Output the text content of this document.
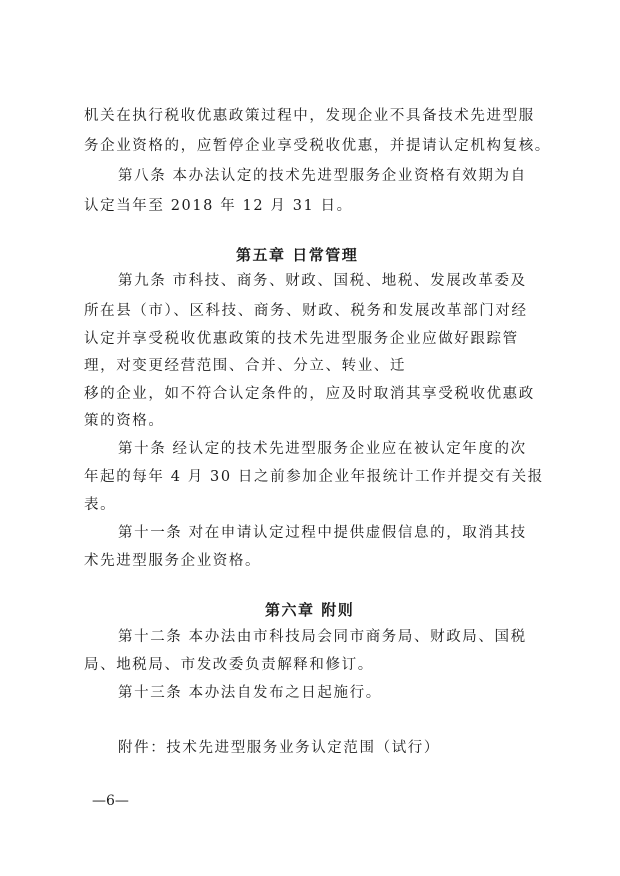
机关在执行税收优惠政策过程中，发现企业不具备技术先进型服
务企业资格的，应暂停企业享受税收优惠，并提请认定机构复核。
第八条 本办法认定的技术先进型服务企业资格有效期为自
认定当年至 2018 年 12 月 31 日。
第五章 日常管理
第九条 市科技、商务、财政、国税、地税、发展改革委及
所在县（市）、区科技、商务、财政、税务和发展改革部门对经
认定并享受税收优惠政策的技术先进型服务企业应做好跟踪管
理，对变更经营范围、合并、分立、转业、迁
移的企业，如不符合认定条件的，应及时取消其享受税收优惠政
策的资格。
第十条 经认定的技术先进型服务企业应在被认定年度的次
年起的每年 4 月 30 日之前参加企业年报统计工作并提交有关报
表。
第十一条 对在申请认定过程中提供虚假信息的，取消其技
术先进型服务企业资格。
第六章 附则
第十二条 本办法由市科技局会同市商务局、财政局、国税
局、地税局、市发改委负责解释和修订。
第十三条 本办法自发布之日起施行。
附件：技术先进型服务业务认定范围（试行）
—6—
